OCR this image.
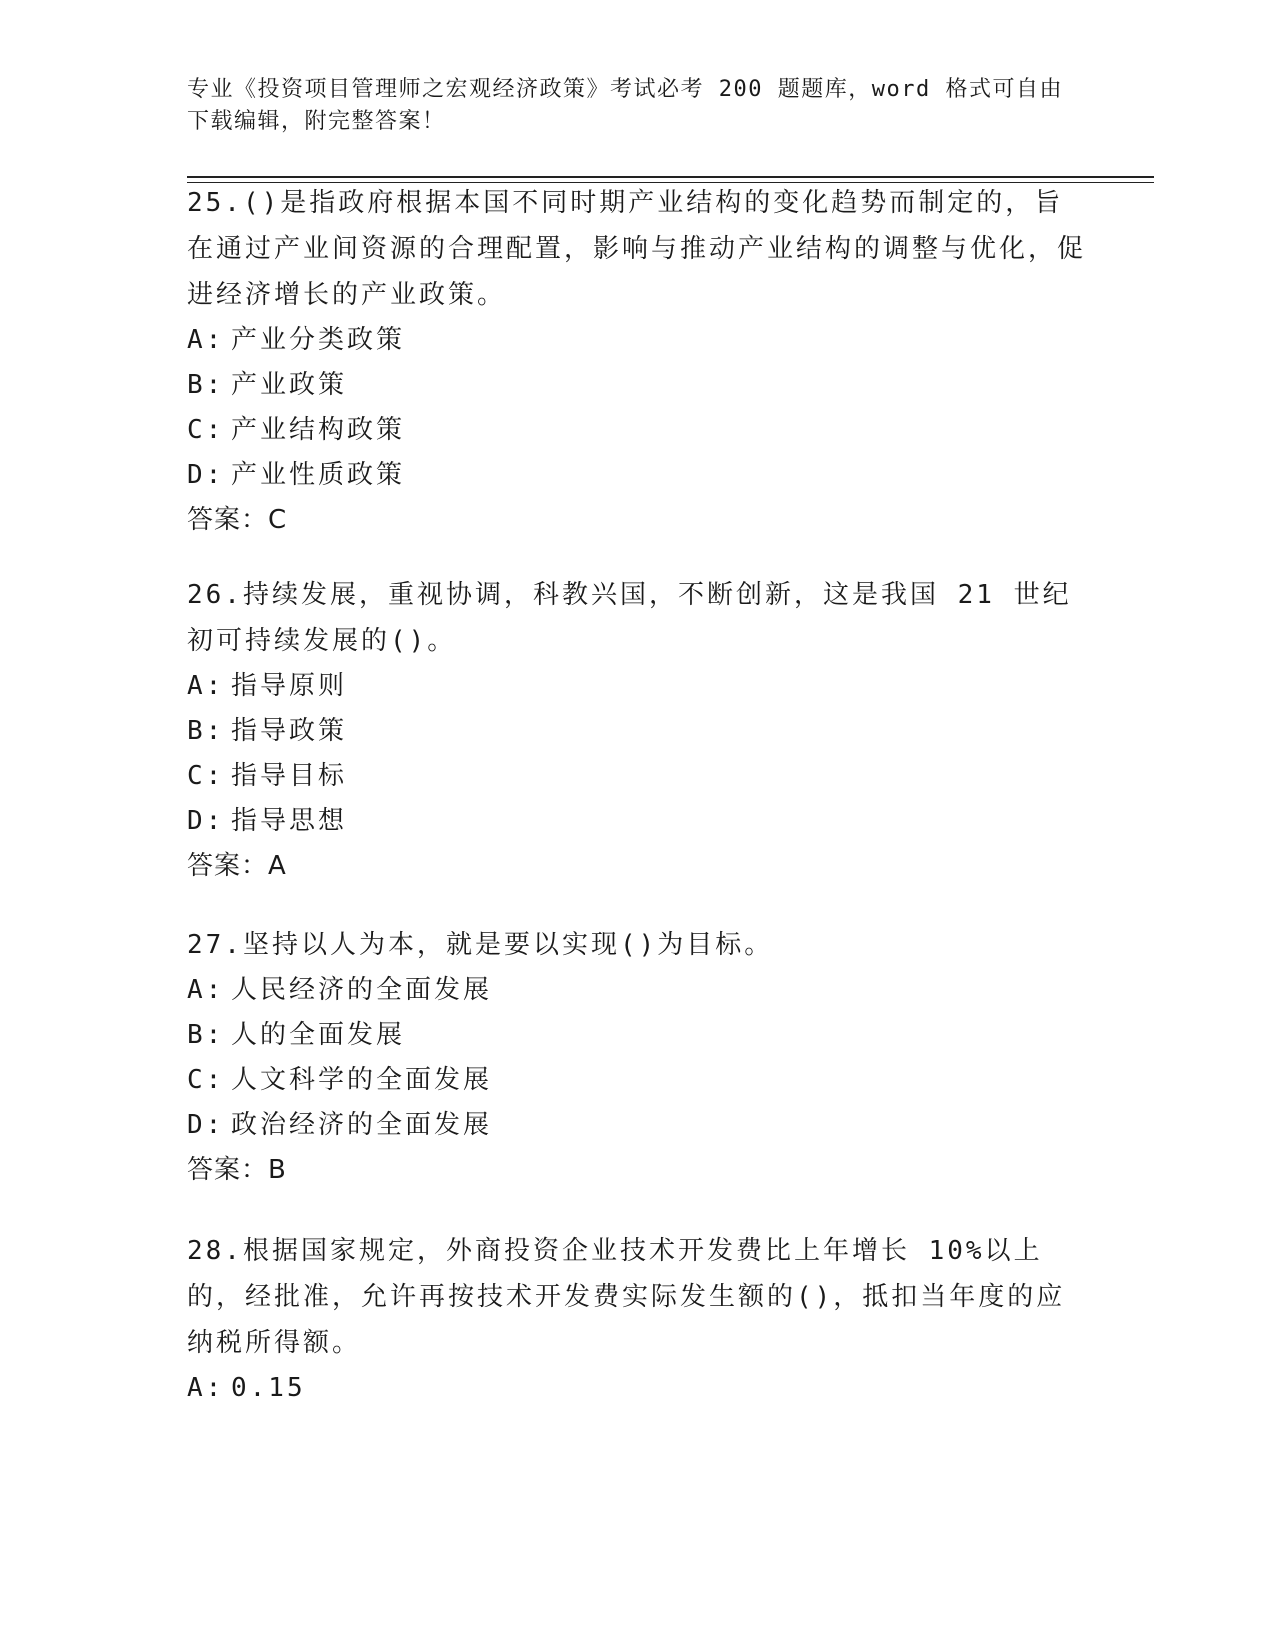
专业《投资项目管理师之宏观经济政策》考试必考 200 题题库，word 格式可自由
下载编辑，附完整答案！

25.()是指政府根据本国不同时期产业结构的变化趋势而制定的，旨在通过产业间资源的合理配置，影响与推动产业结构的调整与优化，促进经济增长的产业政策。

A: 产业分类政策

B: 产业政策

C: 产业结构政策

D: 产业性质政策

答案：C

26.持续发展，重视协调，科教兴国，不断创新，这是我国 21 世纪初可持续发展的()。

A: 指导原则

B: 指导政策

C: 指导目标

D: 指导思想

答案：A

27.坚持以人为本，就是要以实现()为目标。

A: 人民经济的全面发展

B: 人的全面发展

C: 人文科学的全面发展

D: 政治经济的全面发展

答案：B

28.根据国家规定，外商投资企业技术开发费比上年增长 10%以上的，经批准，允许再按技术开发费实际发生额的()，抵扣当年度的应纳税所得额。

A: 0.15
